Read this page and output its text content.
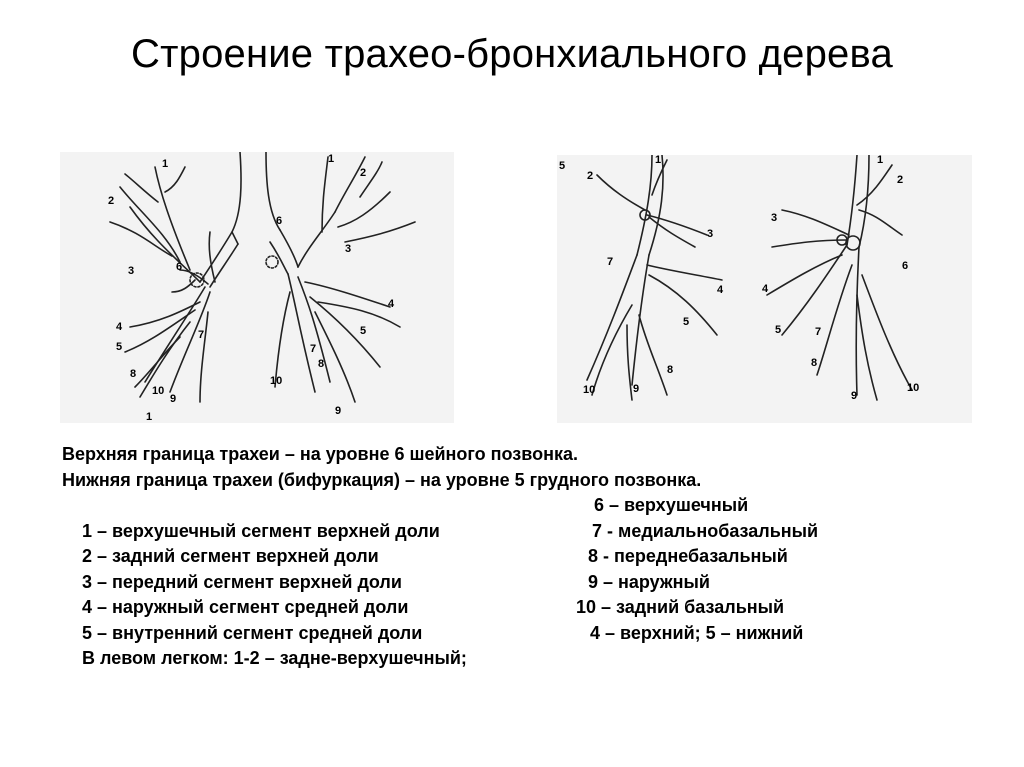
Строение трахео-бронхиального дерева
1
2
3
6
4
5
7
8
9
10
1
2
3
6
4	5
7
8
9
10
1
5
2
1
3
7
4
5
8
9
10
1
2
3
6
4
5
8
7
9
10
Верхняя граница трахеи – на уровне 6 шейного позвонка.
Нижняя граница трахеи (бифуркация) – на уровне 5 грудного позвонка.

1 – верхушечный сегмент верхней доли

6 – верхушечный

2 – задний сегмент верхней доли

7 - медиальнобазальный

3 – передний сегмент верхней доли

8 - переднебазальный

4 – наружный сегмент средней доли

9 – наружный

5 – внутренний сегмент средней доли

10 – задний базальный

В левом легком: 1-2 – задне-верхушечный;

4 – верхний; 5 – нижний
